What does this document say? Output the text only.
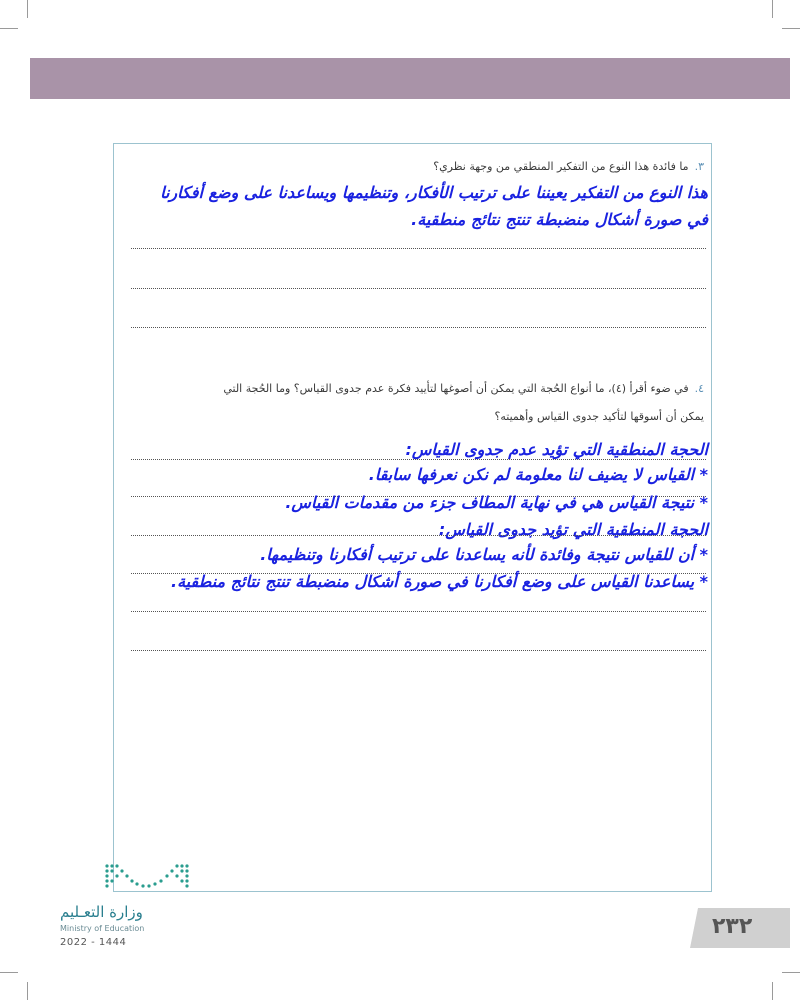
٣.ما فائدة هذا النوع من التفكير المنطقي من وجهة نظري؟
هذا النوع من التفكير يعيننا على ترتيب الأفكار، وتنظيمها ويساعدنا على وضع أفكارنا
في صورة أشكال منضبطة تنتج نتائج منطقية.
٤.في ضوء أقرأ (٤)، ما أنواع الحُجة التي يمكن أن أصوغها لتأييد فكرة عدم جدوى القياس؟ وما الحُجة التي
يمكن أن أسوقها لتأكيد جدوى القياس وأهميته؟
الحجة المنطقية التي تؤيد عدم جدوى القياس:
* القياس لا يضيف لنا معلومة لم نكن نعرفها سابقا.
* نتيجة القياس هي في نهاية المطاف جزء من مقدمات القياس.
الحجة المنطقية التي تؤيد جدوى القياس:
* أن للقياس نتيجة وفائدة لأنه يساعدنا على ترتيب أفكارنا وتنظيمها.
* يساعدنا القياس على وضع أفكارنا في صورة أشكال منضبطة تنتج نتائج منطقية.
وزارة التعـليم
Ministry of Education
2022 - 1444
٢٣٢
